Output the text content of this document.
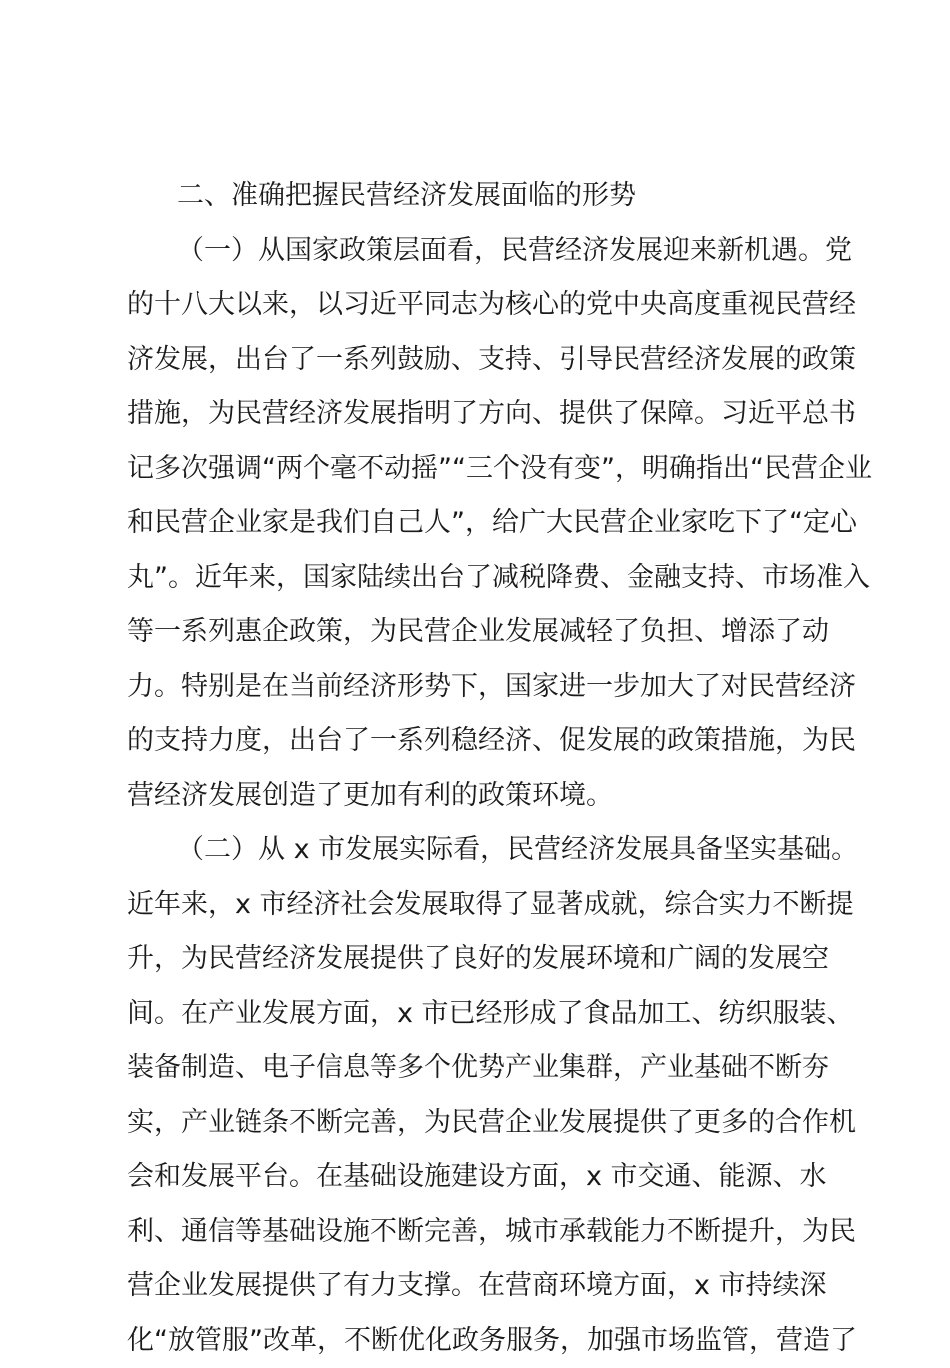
二、准确把握民营经济发展面临的形势
（一）从国家政策层面看，民营经济发展迎来新机遇。党
的十八大以来，以习近平同志为核心的党中央高度重视民营经
济发展，出台了一系列鼓励、支持、引导民营经济发展的政策
措施，为民营经济发展指明了方向、提供了保障。习近平总书
记多次强调“两个毫不动摇”“三个没有变”，明确指出“民营企业
和民营企业家是我们自己人”，给广大民营企业家吃下了“定心
丸”。近年来，国家陆续出台了减税降费、金融支持、市场准入
等一系列惠企政策，为民营企业发展减轻了负担、增添了动
力。特别是在当前经济形势下，国家进一步加大了对民营经济
的支持力度，出台了一系列稳经济、促发展的政策措施，为民
营经济发展创造了更加有利的政策环境。
（二）从 x 市发展实际看，民营经济发展具备坚实基础。
近年来，x 市经济社会发展取得了显著成就，综合实力不断提
升，为民营经济发展提供了良好的发展环境和广阔的发展空
间。在产业发展方面，x 市已经形成了食品加工、纺织服装、
装备制造、电子信息等多个优势产业集群，产业基础不断夯
实，产业链条不断完善，为民营企业发展提供了更多的合作机
会和发展平台。在基础设施建设方面，x 市交通、能源、水
利、通信等基础设施不断完善，城市承载能力不断提升，为民
营企业发展提供了有力支撑。在营商环境方面，x 市持续深
化“放管服”改革，不断优化政务服务，加强市场监管，营造了
